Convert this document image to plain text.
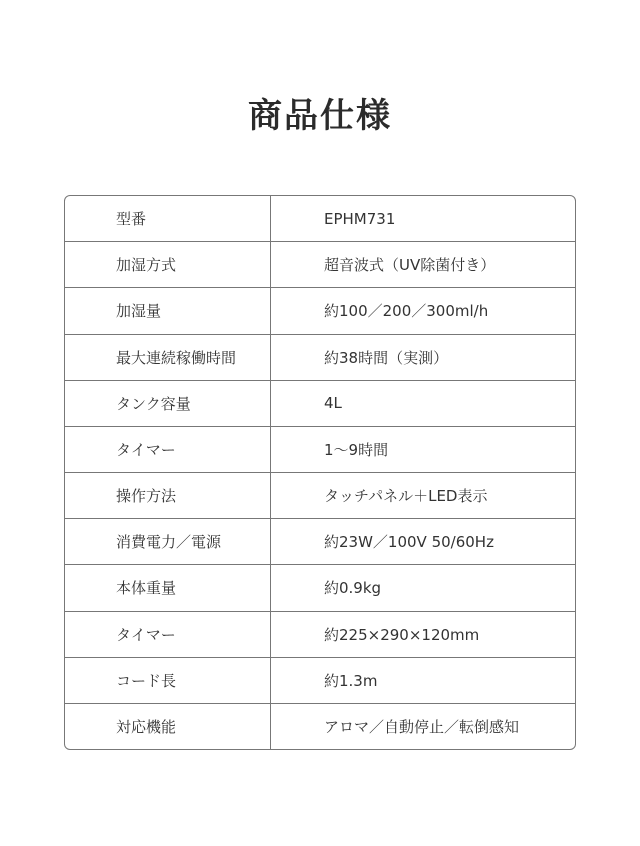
商品仕様
型番	EPHM731
加湿方式	超音波式（UV除菌付き）
加湿量	約100／200／300ml/h
最大連続稼働時間	約38時間（実測）
タンク容量	4L
タイマー	1〜9時間
操作方法	タッチパネル＋LED表示
消費電力／電源	約23W／100V 50/60Hz
本体重量	約0.9kg
タイマー	約225×290×120mm
コード長	約1.3m
対応機能	アロマ／自動停止／転倒感知
